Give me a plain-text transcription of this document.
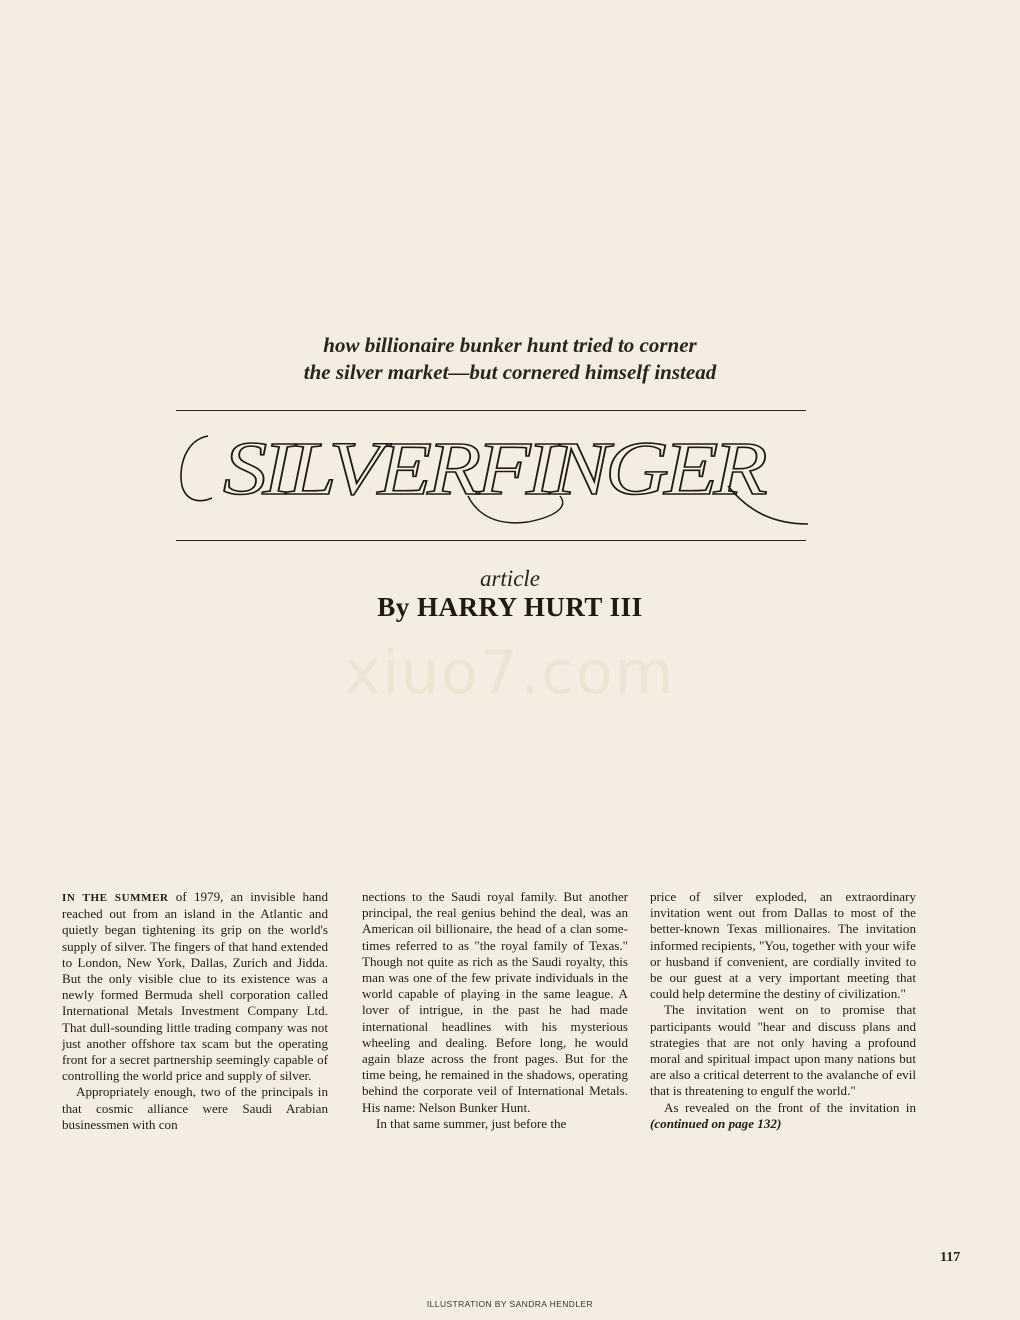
how billionaire bunker hunt tried to corner
the silver market—but cornered himself instead
SILVERFINGER
article
By HARRY HURT III
xiuo7.com

IN THE SUMMER of 1979, an invisible hand reached out from an island in the Atlantic and quietly began tightening its grip on the world's supply of silver. The fingers of that hand extended to London, New York, Dallas, Zurich and Jidda. But the only visible clue to its existence was a newly formed Bermuda shell corporation called International Metals Investment Company Ltd. That dull-sounding little trading company was not just another offshore tax scam but the operating front for a secret partnership seemingly capable of controlling the world price and supply of silver.

Appropriately enough, two of the principals in that cosmic alliance were Saudi Arabian businessmen with con

nections to the Saudi royal family. But another principal, the real genius behind the deal, was an American oil billionaire, the head of a clan sometimes referred to as "the royal family of Texas." Though not quite as rich as the Saudi royalty, this man was one of the few private individuals in the world capable of playing in the same league. A lover of intrigue, in the past he had made international headlines with his mysterious wheeling and dealing. Before long, he would again blaze across the front pages. But for the time being, he remained in the shadows, operating behind the corporate veil of International Metals. His name: Nelson Bunker Hunt.

In that same summer, just before the

price of silver exploded, an extraordinary invitation went out from Dallas to most of the better-known Texas millionaires. The invitation informed recipients, "You, together with your wife or husband if convenient, are cordially invited to be our guest at a very important meeting that could help determine the destiny of civilization."

The invitation went on to promise that participants would "hear and discuss plans and strategies that are not only having a profound moral and spiritual impact upon many nations but are also a critical deterrent to the avalanche of evil that is threatening to engulf the world."

As revealed on the front of the invitation in (continued on page 132)

117
ILLUSTRATION BY SANDRA HENDLER
